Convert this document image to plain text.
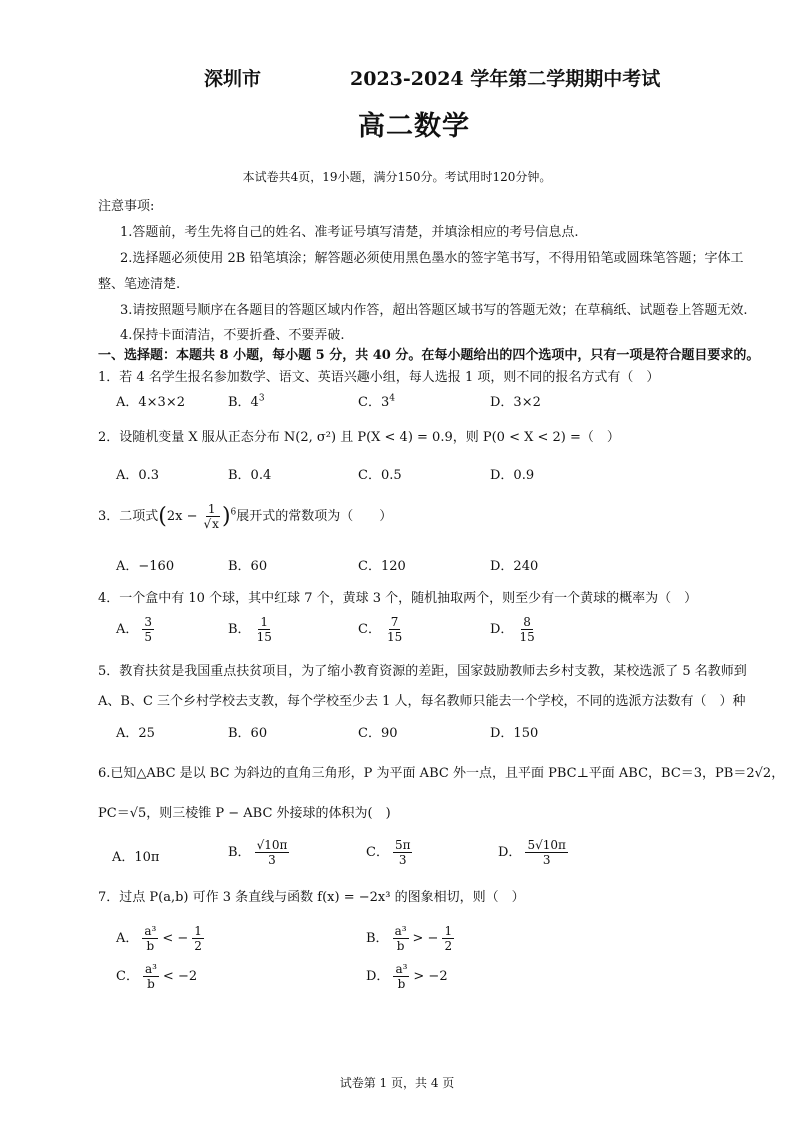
深圳市	2023-2024 学年第二学期期中考试
高二数学
本试卷共4页，19小题，满分150分。考试用时120分钟。
注意事项:
1.答题前，考生先将自己的姓名、准考证号填写清楚，并填涂相应的考号信息点.
2.选择题必须使用 2B 铅笔填涂；解答题必须使用黑色墨水的签字笔书写，不得用铅笔或圆珠笔答题；字体工
整、笔迹清楚.
3.请按照题号顺序在各题目的答题区域内作答，超出答题区域书写的答题无效；在草稿纸、试题卷上答题无效.
4.保持卡面清洁，不要折叠、不要弄破.
一、选择题：本题共 8 小题，每小题 5 分，共 40 分。在每小题给出的四个选项中，只有一项是符合题目要求的。
1．若 4 名学生报名参加数学、语文、英语兴趣小组，每人选报 1 项，则不同的报名方式有（　）
A．4×3×2	B．$4^3$	C．$3^4$	D．3×2
2．设随机变量 X 服从正态分布 N(2, σ²) 且 P(X < 4) = 0.9，则 P(0 < X < 2) =（　）
A．0.3	B．0.4	C．0.5	D．0.9
3．二项式$(2x - \frac{1}{√x} )^6$展开式的常数项为（　　）
A．−160	B．60	C．120	D．240
4．一个盒中有 10 个球，其中红球 7 个，黄球 3 个，随机抽取两个，则至少有一个黄球的概率为（　）
A． $\frac{3}{5}$	B． $\frac{1}{15}$	C． $\frac{7}{15}$	D． $\frac{8}{15}$
5．教育扶贫是我国重点扶贫项目，为了缩小教育资源的差距，国家鼓励教师去乡村支教，某校选派了 5 名教师到
A、B、C 三个乡村学校去支教，每个学校至少去 1 人，每名教师只能去一个学校，不同的选派方法数有（　）种
A．25	B．60	C．90	D．150
6.已知△ABC 是以 BC 为斜边的直角三角形，P 为平面 ABC 外一点，且平面 PBC⊥平面 ABC，BC＝3，PB＝2√2，
PC＝√5，则三棱锥 P − ABC 外接球的体积为(　)
A．10π	B． $\frac{√10\pi}{3}$	C． $\frac{5\pi}{3}$	D． $\frac{5√10\pi}{3}$
7．过点 P(a,b) 可作 3 条直线与函数 f(x) = −2x³ 的图象相切，则（　）
A． $\frac{\text{a³}}{b}$ < − $\frac{1}{2}$	B． $\frac{\text{a³}}{b}$ > − $\frac{1}{2}$
C． $\frac{\text{a³}}{b} < -2$	D． $\frac{\text{a³}}{b} > -2$
试卷第 1 页，共 4 页
